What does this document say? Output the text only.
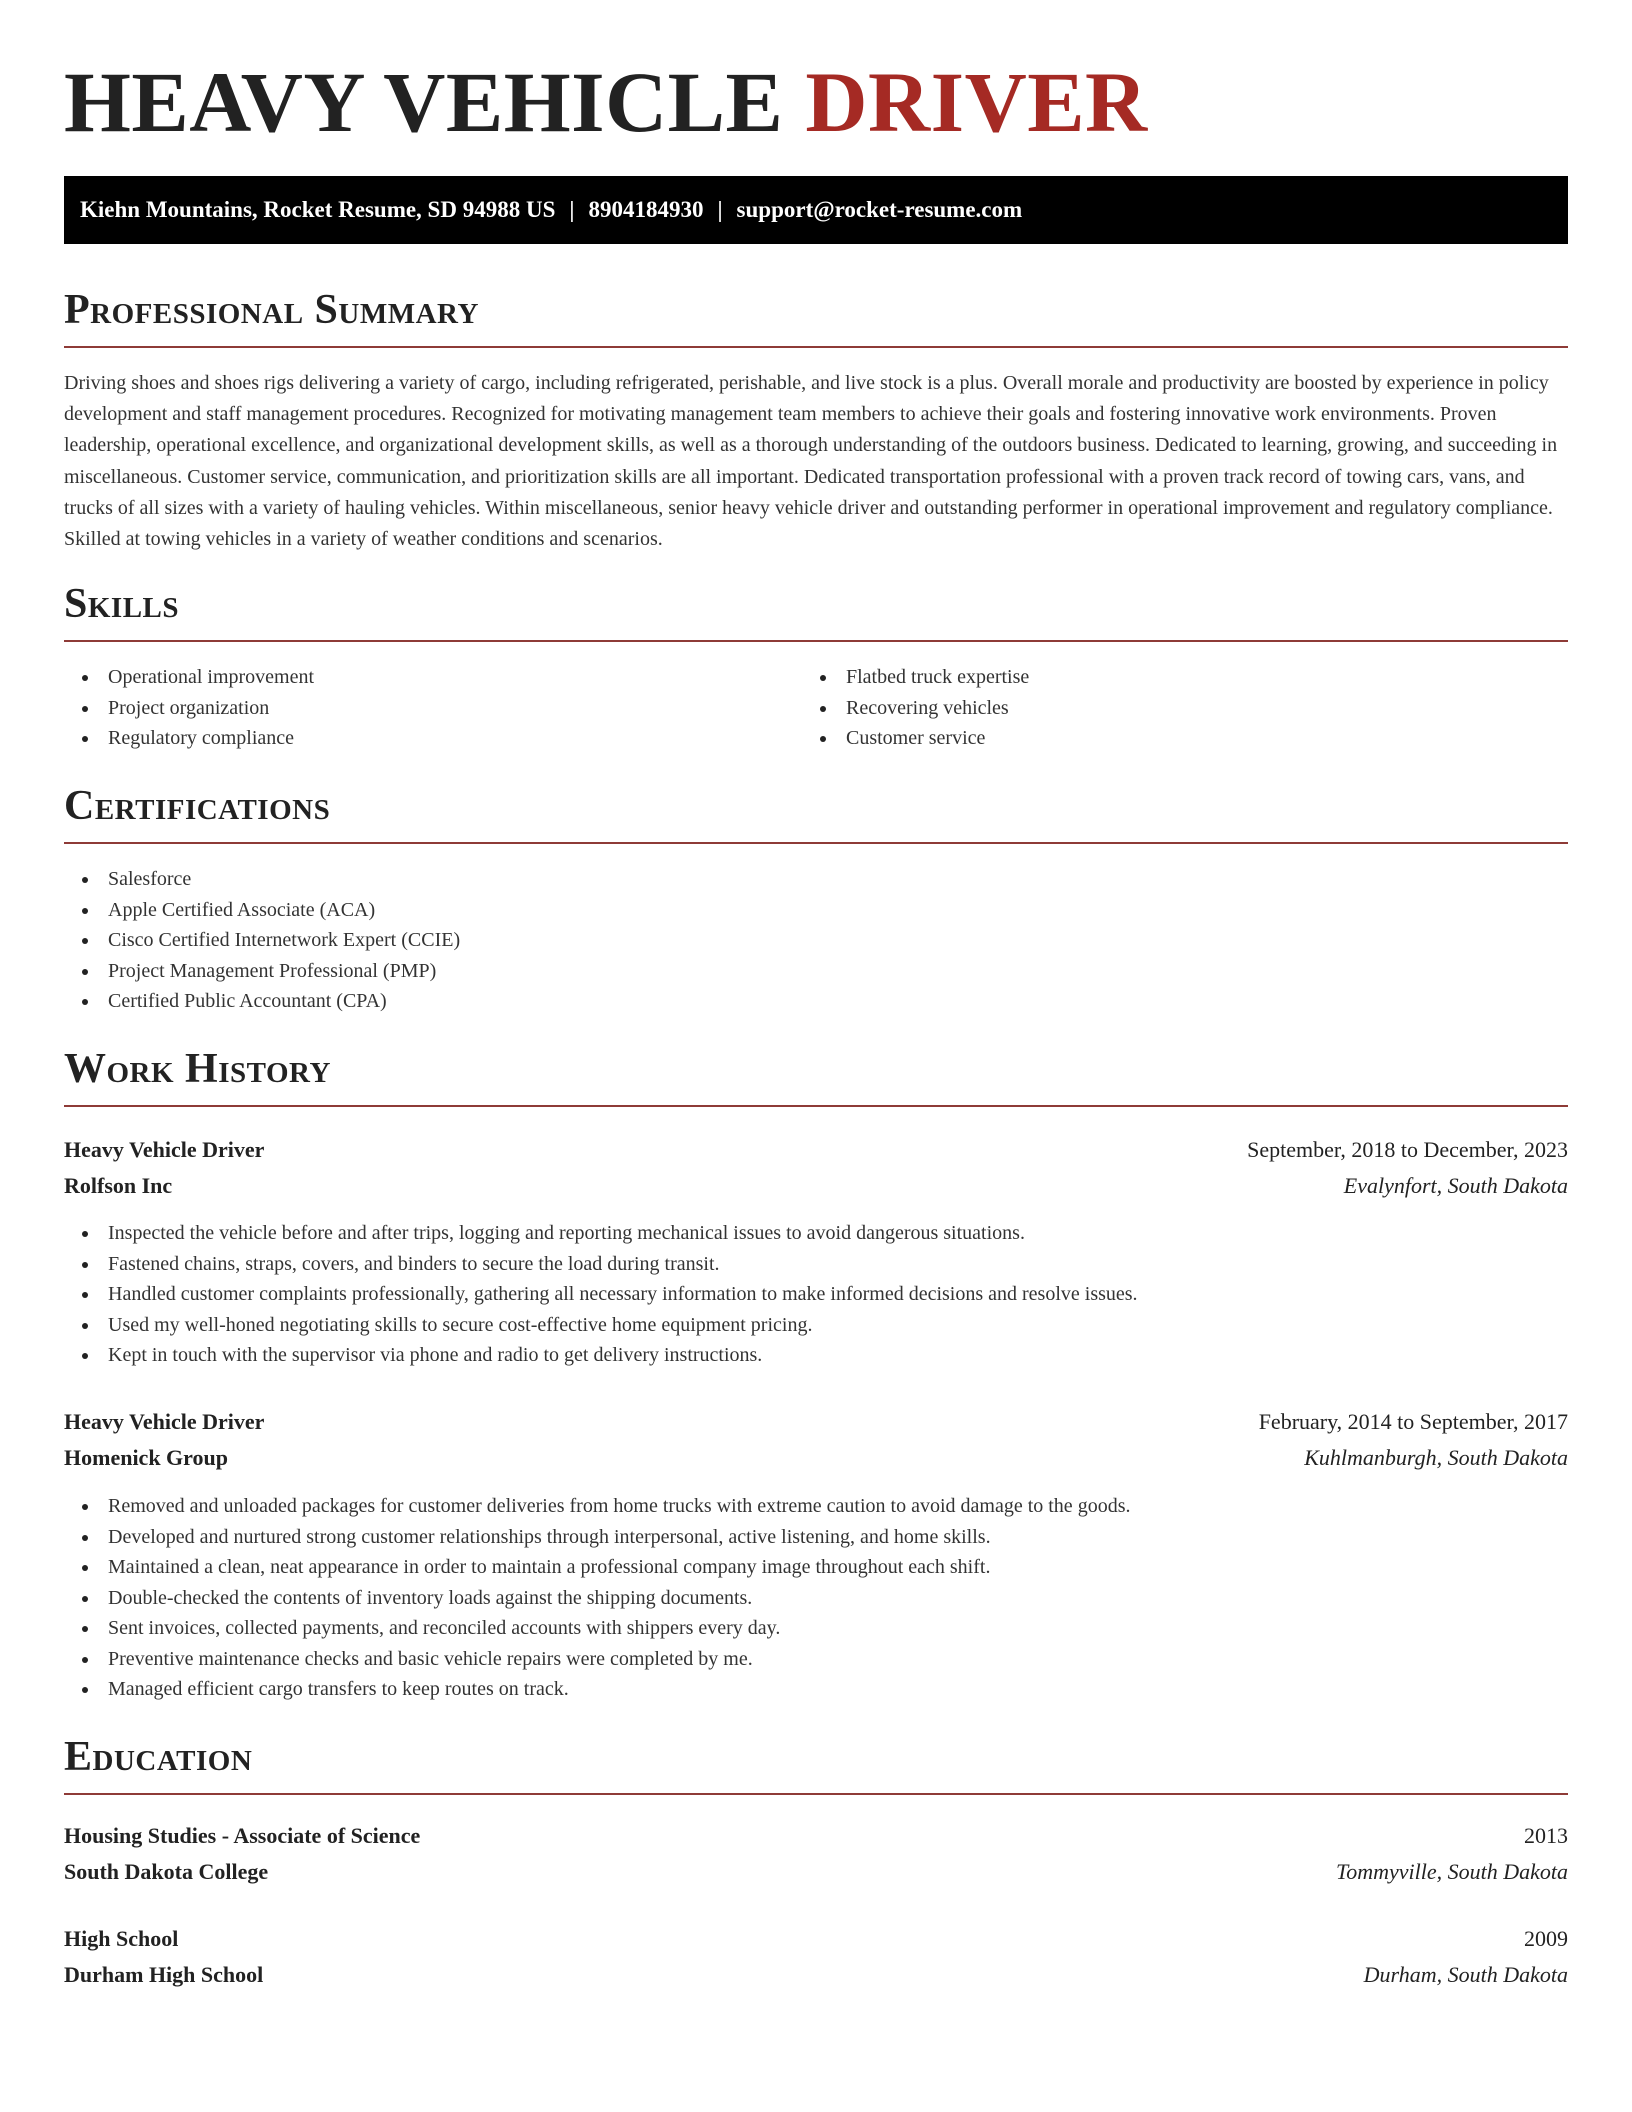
HEAVY VEHICLE DRIVER
Kiehn Mountains, Rocket Resume, SD 94988 US | 8904184930 | support@rocket-resume.com
Professional Summary

Driving shoes and shoes rigs delivering a variety of cargo, including refrigerated, perishable, and live stock is a plus. Overall morale and productivity are boosted by experience in policy development and staff management procedures. Recognized for motivating management team members to achieve their goals and fostering innovative work environments. Proven leadership, operational excellence, and organizational development skills, as well as a thorough understanding of the outdoors business. Dedicated to learning, growing, and succeeding in miscellaneous. Customer service, communication, and prioritization skills are all important. Dedicated transportation professional with a proven track record of towing cars, vans, and trucks of all sizes with a variety of hauling vehicles. Within miscellaneous, senior heavy vehicle driver and outstanding performer in operational improvement and regulatory compliance. Skilled at towing vehicles in a variety of weather conditions and scenarios.

Skills
Operational improvement
Project organization
Regulatory compliance
Flatbed truck expertise
Recovering vehicles
Customer service
Certifications
Salesforce
Apple Certified Associate (ACA)
Cisco Certified Internetwork Expert (CCIE)
Project Management Professional (PMP)
Certified Public Accountant (CPA)
Work History
Heavy Vehicle Driver	September, 2018 to December, 2023
Rolfson Inc	Evalynfort, South Dakota
Inspected the vehicle before and after trips, logging and reporting mechanical issues to avoid dangerous situations.
Fastened chains, straps, covers, and binders to secure the load during transit.
Handled customer complaints professionally, gathering all necessary information to make informed decisions and resolve issues.
Used my well-honed negotiating skills to secure cost-effective home equipment pricing.
Kept in touch with the supervisor via phone and radio to get delivery instructions.
Heavy Vehicle Driver	February, 2014 to September, 2017
Homenick Group	Kuhlmanburgh, South Dakota
Removed and unloaded packages for customer deliveries from home trucks with extreme caution to avoid damage to the goods.
Developed and nurtured strong customer relationships through interpersonal, active listening, and home skills.
Maintained a clean, neat appearance in order to maintain a professional company image throughout each shift.
Double-checked the contents of inventory loads against the shipping documents.
Sent invoices, collected payments, and reconciled accounts with shippers every day.
Preventive maintenance checks and basic vehicle repairs were completed by me.
Managed efficient cargo transfers to keep routes on track.
Education
Housing Studies - Associate of Science	2013
South Dakota College	Tommyville, South Dakota
High School	2009
Durham High School	Durham, South Dakota
